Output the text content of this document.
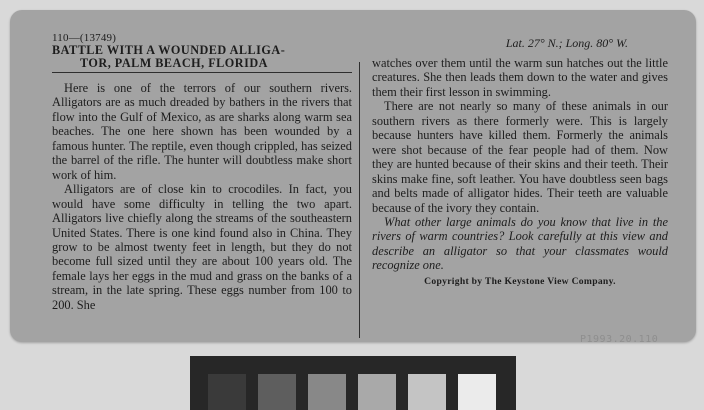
110—(13749)
BATTLE WITH A WOUNDED ALLIGA-
TOR, PALM BEACH, FLORIDA

Here is one of the terrors of our southern rivers. Alligators are as much dreaded by bathers in the rivers that flow into the Gulf of Mexico, as are sharks along warm sea beaches. The one here shown has been wounded by a famous hunter. The reptile, even though crippled, has seized the barrel of the rifle. The hunter will doubtless make short work of him.

Alligators are of close kin to crocodiles. In fact, you would have some difficulty in telling the two apart. Alligators live chiefly along the streams of the southeastern United States. There is one kind found also in China. They grow to be almost twenty feet in length, but they do not become full sized until they are about 100 years old. The female lays her eggs in the mud and grass on the banks of a stream, in the late spring. These eggs number from 100 to 200. She

Lat. 27° N.; Long. 80° W.

watches over them until the warm sun hatches out the little creatures. She then leads them down to the water and gives them their first lesson in swimming.

There are not nearly so many of these animals in our southern rivers as there formerly were. This is largely because hunters have killed them. Formerly the animals were shot because of the fear people had of them. Now they are hunted because of their skins and their teeth. Their skins make fine, soft leather. You have doubtless seen bags and belts made of alligator hides. Their teeth are valuable because of the ivory they contain.

What other large animals do you know that live in the rivers of warm countries? Look carefully at this view and describe an alligator so that your classmates would recognize one.

Copyright by The Keystone View Company.
P1993.20.110
